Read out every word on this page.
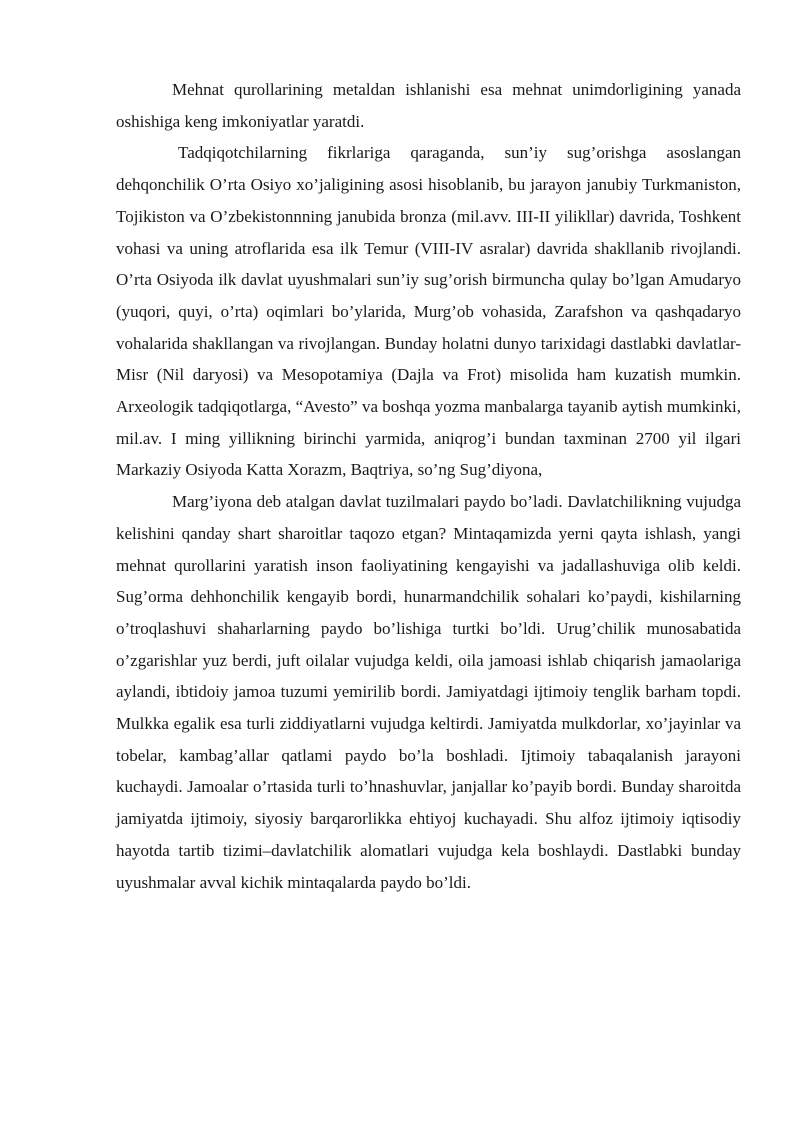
Mehnat qurollarining metaldan ishlanishi esa mehnat unimdorligining yanada oshishiga keng imkoniyatlar yaratdi.

Tadqiqotchilarning fikrlariga qaraganda, sun’iy sug’orishga asoslangan dehqonchilik O’rta Osiyo xo’jaligining asosi hisoblanib, bu jarayon janubiy Turkmaniston, Tojikiston va O’zbekistonnning janubida bronza (mil.avv. III-II yilikllar) davrida, Toshkent vohasi va uning atroflarida esa ilk Temur (VIII-IV asralar) davrida shakllanib rivojlandi. O’rta Osiyoda ilk davlat uyushmalari sun’iy sug’orish birmuncha qulay bo’lgan Amudaryo (yuqori, quyi, o’rta) oqimlari bo’ylarida, Murg’ob vohasida, Zarafshon va qashqadaryo vohalarida shakllangan va rivojlangan. Bunday holatni dunyo tarixidagi dastlabki davlatlar-Misr (Nil daryosi) va Mesopotamiya (Dajla va Frot) misolida ham kuzatish mumkin. Arxeologik tadqiqotlarga, “Avesto” va boshqa yozma manbalarga tayanib aytish mumkinki, mil.av. I ming yillikning birinchi yarmida, aniqrog’i bundan taxminan 2700 yil ilgari Markaziy Osiyoda Katta Xorazm, Baqtriya, so’ng Sug’diyona,

Marg’iyona deb atalgan davlat tuzilmalari paydo bo’ladi. Davlatchilikning vujudga kelishini qanday shart sharoitlar taqozo etgan? Mintaqamizda yerni qayta ishlash, yangi mehnat qurollarini yaratish inson faoliyatining kengayishi va jadallashuviga olib keldi. Sug’orma dehhonchilik kengayib bordi, hunarmandchilik sohalari ko’paydi, kishilarning o’troqlashuvi shaharlarning paydo bo’lishiga turtki bo’ldi. Urug’chilik munosabatida o’zgarishlar yuz berdi, juft oilalar vujudga keldi, oila jamoasi ishlab chiqarish jamaolariga aylandi, ibtidoiy jamoa tuzumi yemirilib bordi. Jamiyatdagi ijtimoiy tenglik barham topdi. Mulkka egalik esa turli ziddiyatlarni vujudga keltirdi. Jamiyatda mulkdorlar, xo’jayinlar va tobelar, kambag’allar qatlami paydo bo’la boshladi. Ijtimoiy tabaqalanish jarayoni kuchaydi. Jamoalar o’rtasida turli to’hnashuvlar, janjallar ko’payib bordi. Bunday sharoitda jamiyatda ijtimoiy, siyosiy barqarorlikka ehtiyoj kuchayadi. Shu alfoz ijtimoiy iqtisodiy hayotda tartib tizimi–davlatchilik alomatlari vujudga kela boshlaydi. Dastlabki bunday uyushmalar avval kichik mintaqalarda paydo bo’ldi.
